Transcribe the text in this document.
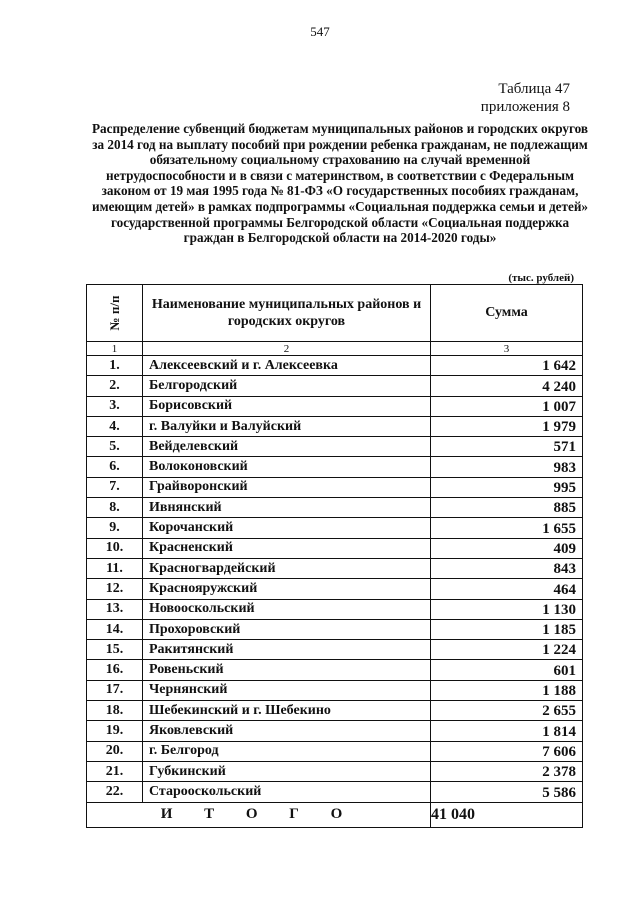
547
Таблица 47
приложения 8
Распределение субвенций бюджетам муниципальных районов и городских округов за 2014 год на выплату пособий при рождении ребенка гражданам, не подлежащим обязательному социальному страхованию на случай временной нетрудоспособности и в связи с материнством, в соответствии с Федеральным законом от 19 мая 1995 года № 81-ФЗ «О государственных пособиях гражданам, имеющим детей» в рамках подпрограммы «Социальная поддержка семьи и детей» государственной программы Белгородской области «Социальная поддержка граждан в Белгородской области на 2014-2020 годы»
(тыс. рублей)
№ п/п	Наименование муниципальных районов и городских округов	Сумма
1	2	3
1.	Алексеевский и г. Алексеевка	1 642
2.	Белгородский	4 240
3.	Борисовский	1 007
4.	г. Валуйки и Валуйский	1 979
5.	Вейделевский	571
6.	Волоконовский	983
7.	Грайворонский	995
8.	Ивнянский	885
9.	Корочанский	1 655
10.	Красненский	409
11.	Красногвардейский	843
12.	Краснояружский	464
13.	Новооскольский	1 130
14.	Прохоровский	1 185
15.	Ракитянский	1 224
16.	Ровеньский	601
17.	Чернянский	1 188
18.	Шебекинский и г. Шебекино	2 655
19.	Яковлевский	1 814
20.	г. Белгород	7 606
21.	Губкинский	2 378
22.	Старооскольский	5 586
И Т О Г О		41 040
